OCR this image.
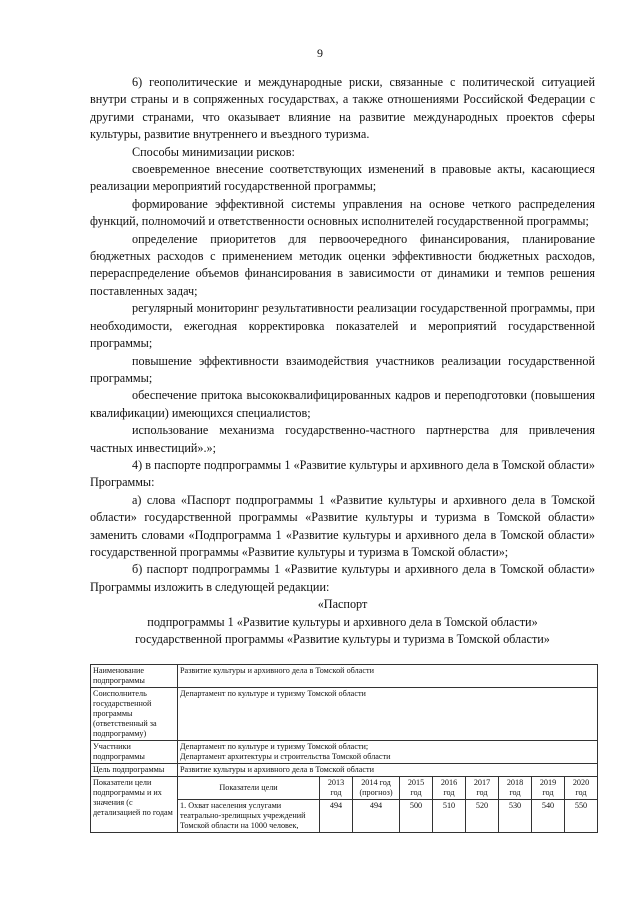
9

6) геополитические и международные риски, связанные с политической ситуацией внутри страны и в сопряженных государствах, а также отношениями Российской Федерации с другими странами, что оказывает влияние на развитие международных проектов сферы культуры, развитие внутреннего и въездного туризма.

Способы минимизации рисков:

своевременное внесение соответствующих изменений в правовые акты, касающиеся реализации мероприятий государственной программы;

формирование эффективной системы управления на основе четкого распределения функций, полномочий и ответственности основных исполнителей государственной программы;

определение приоритетов для первоочередного финансирования, планирование бюджетных расходов с применением методик оценки эффективности бюджетных расходов, перераспределение объемов финансирования в зависимости от динамики и темпов решения поставленных задач;

регулярный мониторинг результативности реализации государственной программы, при необходимости, ежегодная корректировка показателей и мероприятий государственной программы;

повышение эффективности взаимодействия участников реализации государственной программы;

обеспечение притока высококвалифицированных кадров и переподготовки (повышения квалификации) имеющихся специалистов;

использование механизма государственно-частного партнерства для привлечения частных инвестиций».»;

4) в паспорте подпрограммы 1 «Развитие культуры и архивного дела в Томской области» Программы:

а) слова «Паспорт подпрограммы 1 «Развитие культуры и архивного дела в Томской области» государственной программы «Развитие культуры и туризма в Томской области» заменить словами «Подпрограмма 1 «Развитие культуры и архивного дела в Томской области» государственной программы «Развитие культуры и туризма в Томской области»;

б) паспорт подпрограммы 1 «Развитие культуры и архивного дела в Томской области» Программы изложить в следующей редакции:

«Паспорт

подпрограммы 1 «Развитие культуры и архивного дела в Томской области»

государственной программы «Развитие культуры и туризма в Томской области»

Наименование подпрограммы	Развитие культуры и архивного дела в Томской области								
Соисполнитель государственной программы (ответственный за подпрограмму)	Департамент по культуре и туризму Томской области								
Участники подпрограммы	Департамент по культуре и туризму Томской области;
Департамент архитектуры и строительства Томской области								

Цель подпрограммы	Развитие культуры и архивного дела в Томской области								
Показатели цели подпрограммы и их значения (с детализацией по годам	Показатели цели	2013 год	2014 год (прогноз)	2015 год	2016 год	2017 год	2018 год	2019 год	2020 год
	1. Охват населения услугами театрально-зрелищных учреждений Томской области на 1000 человек,	494	494	500	510	520	530	540	550
